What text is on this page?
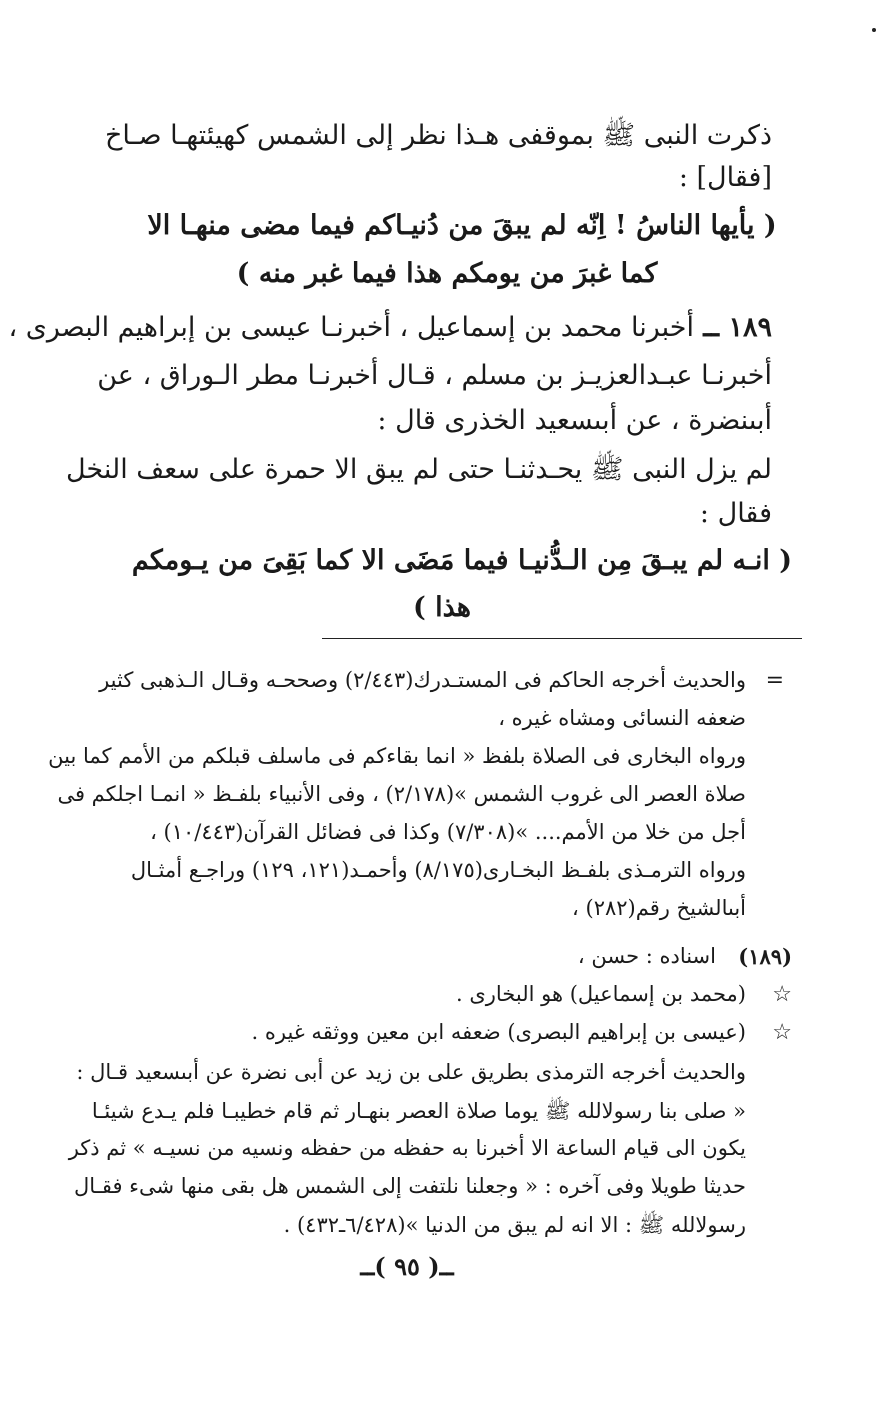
ذكرت النبى ﷺ بموقفى هـذا نظر إلى الشمس كهيئتهـا صـاخ
[فقال] :
( يأيها الناسُ ! اِنّه لم يبقَ من دُنيـاكم فيما مضى منهـا الا
كما غبرَ من يومكم هذا فيما غبر منه )
١٨٩ ــ
أخبرنا محمد بن إسماعيل ، أخبرنـا عيسى بن إبراهيم البصرى ،
أخبرنـا عبـدالعزيـز بن مسلم ، قـال أخبرنـا مطر الـوراق ، عن
أبىنضرة ، عن أبىسعيد الخذرى قال :
لم يزل النبى ﷺ يحـدثنـا حتى لم يبق الا حمرة على سعف النخل
فقال :
( انـه لم يبـقَ مِن الـدُّنيـا فيما مَضَى الا كما بَقِىَ من يـومكم
هذا )
=
والحديث أخرجه الحاكم فى المستـدرك(٢/٤٤٣) وصححـه وقـال الـذهبى كثير
ضعفه النسائى ومشاه غيره ،
ورواه البخارى فى الصلاة بلفظ « انما بقاءكم فى ماسلف قبلكم من الأمم كما بين
صلاة العصر الى غروب الشمس »(٢/١٧٨) ، وفى الأنبياء بلفـظ « انمـا اجلكم فى
أجل من خلا من الأمم.... »(٧/٣٠٨) وكذا فى فضائل القرآن(١٠/٤٤٣) ،
ورواه الترمـذى بلفـظ البخـارى(٨/١٧٥) وأحمـد(١٢١، ١٢٩) وراجـع أمثـال
أبىالشيخ رقم(٢٨٢) ،
(١٨٩)
اسناده : حسن ،
☆
(محمد بن إسماعيل) هو البخارى .
☆
(عيسى بن إبراهيم البصرى) ضعفه ابن معين ووثقه غيره .
والحديث أخرجه الترمذى بطريق على بن زيد عن أبى نضرة عن أبىسعيد قـال :
« صلى بنا رسولالله ﷺ يوما صلاة العصر بنهـار ثم قام خطيبـا فلم يـدع شيئـا
يكون الى قيام الساعة الا أخبرنا به حفظه من حفظه ونسيه من نسيـه » ثم ذكر
حديثا طويلا وفى آخره : « وجعلنا نلتفت إلى الشمس هل بقى منها شىء فقـال
رسولالله ﷺ : الا انه لم يبق من الدنيا »(٦/٤٢٨ـ٤٣٢) .
ــ( ٩٥ )ــ
